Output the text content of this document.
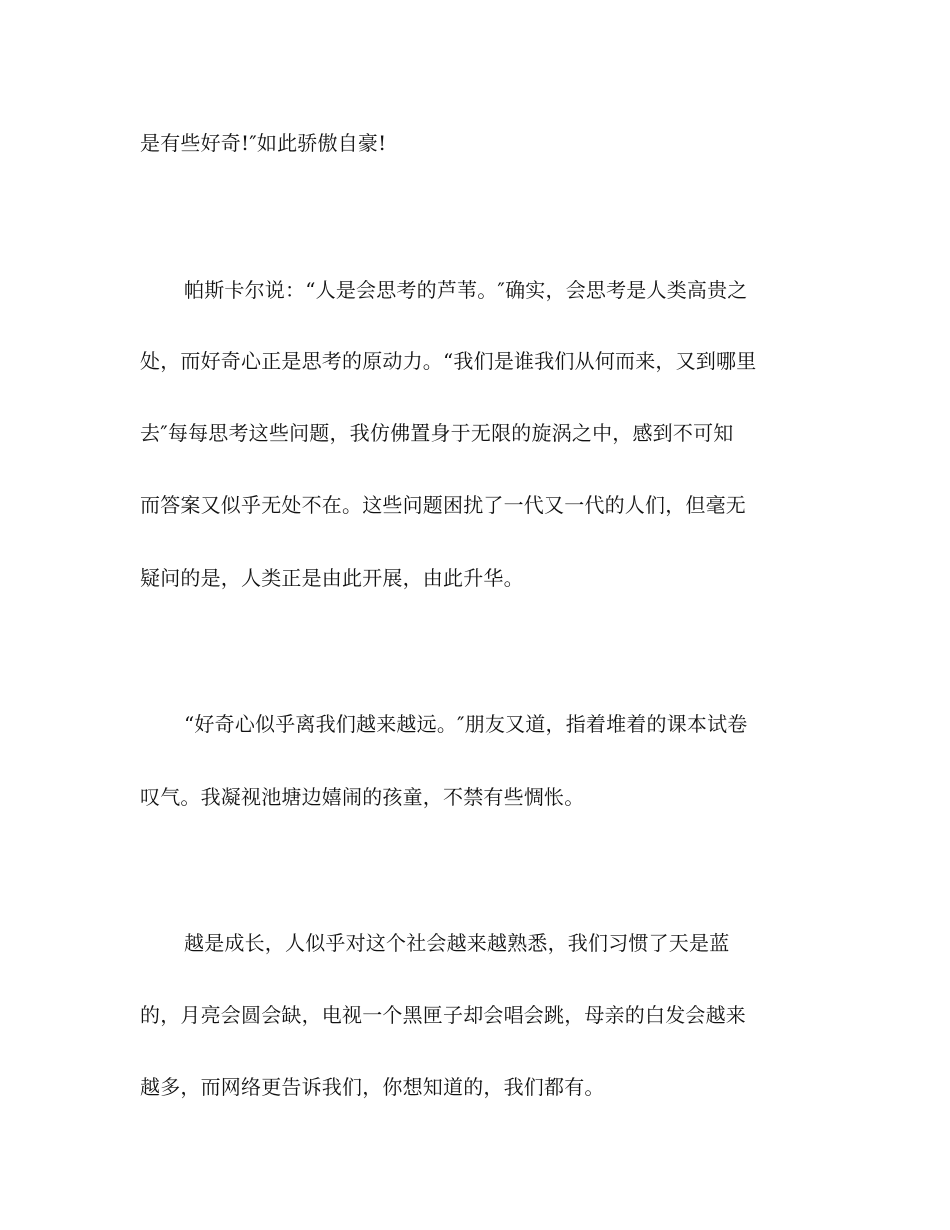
是有些好奇!″如此骄傲自豪!
帕斯卡尔说：“人是会思考的芦苇。″确实，会思考是人类高贵之
处，而好奇心正是思考的原动力。“我们是谁我们从何而来，又到哪里
去″每每思考这些问题，我仿佛置身于无限的旋涡之中，感到不可知
而答案又似乎无处不在。这些问题困扰了一代又一代的人们，但毫无
疑问的是，人类正是由此开展，由此升华。
“好奇心似乎离我们越来越远。″朋友又道，指着堆着的课本试卷
叹气。我凝视池塘边嬉闹的孩童，不禁有些惆怅。
越是成长，人似乎对这个社会越来越熟悉，我们习惯了天是蓝
的，月亮会圆会缺，电视一个黑匣子却会唱会跳，母亲的白发会越来
越多，而网络更告诉我们，你想知道的，我们都有。
